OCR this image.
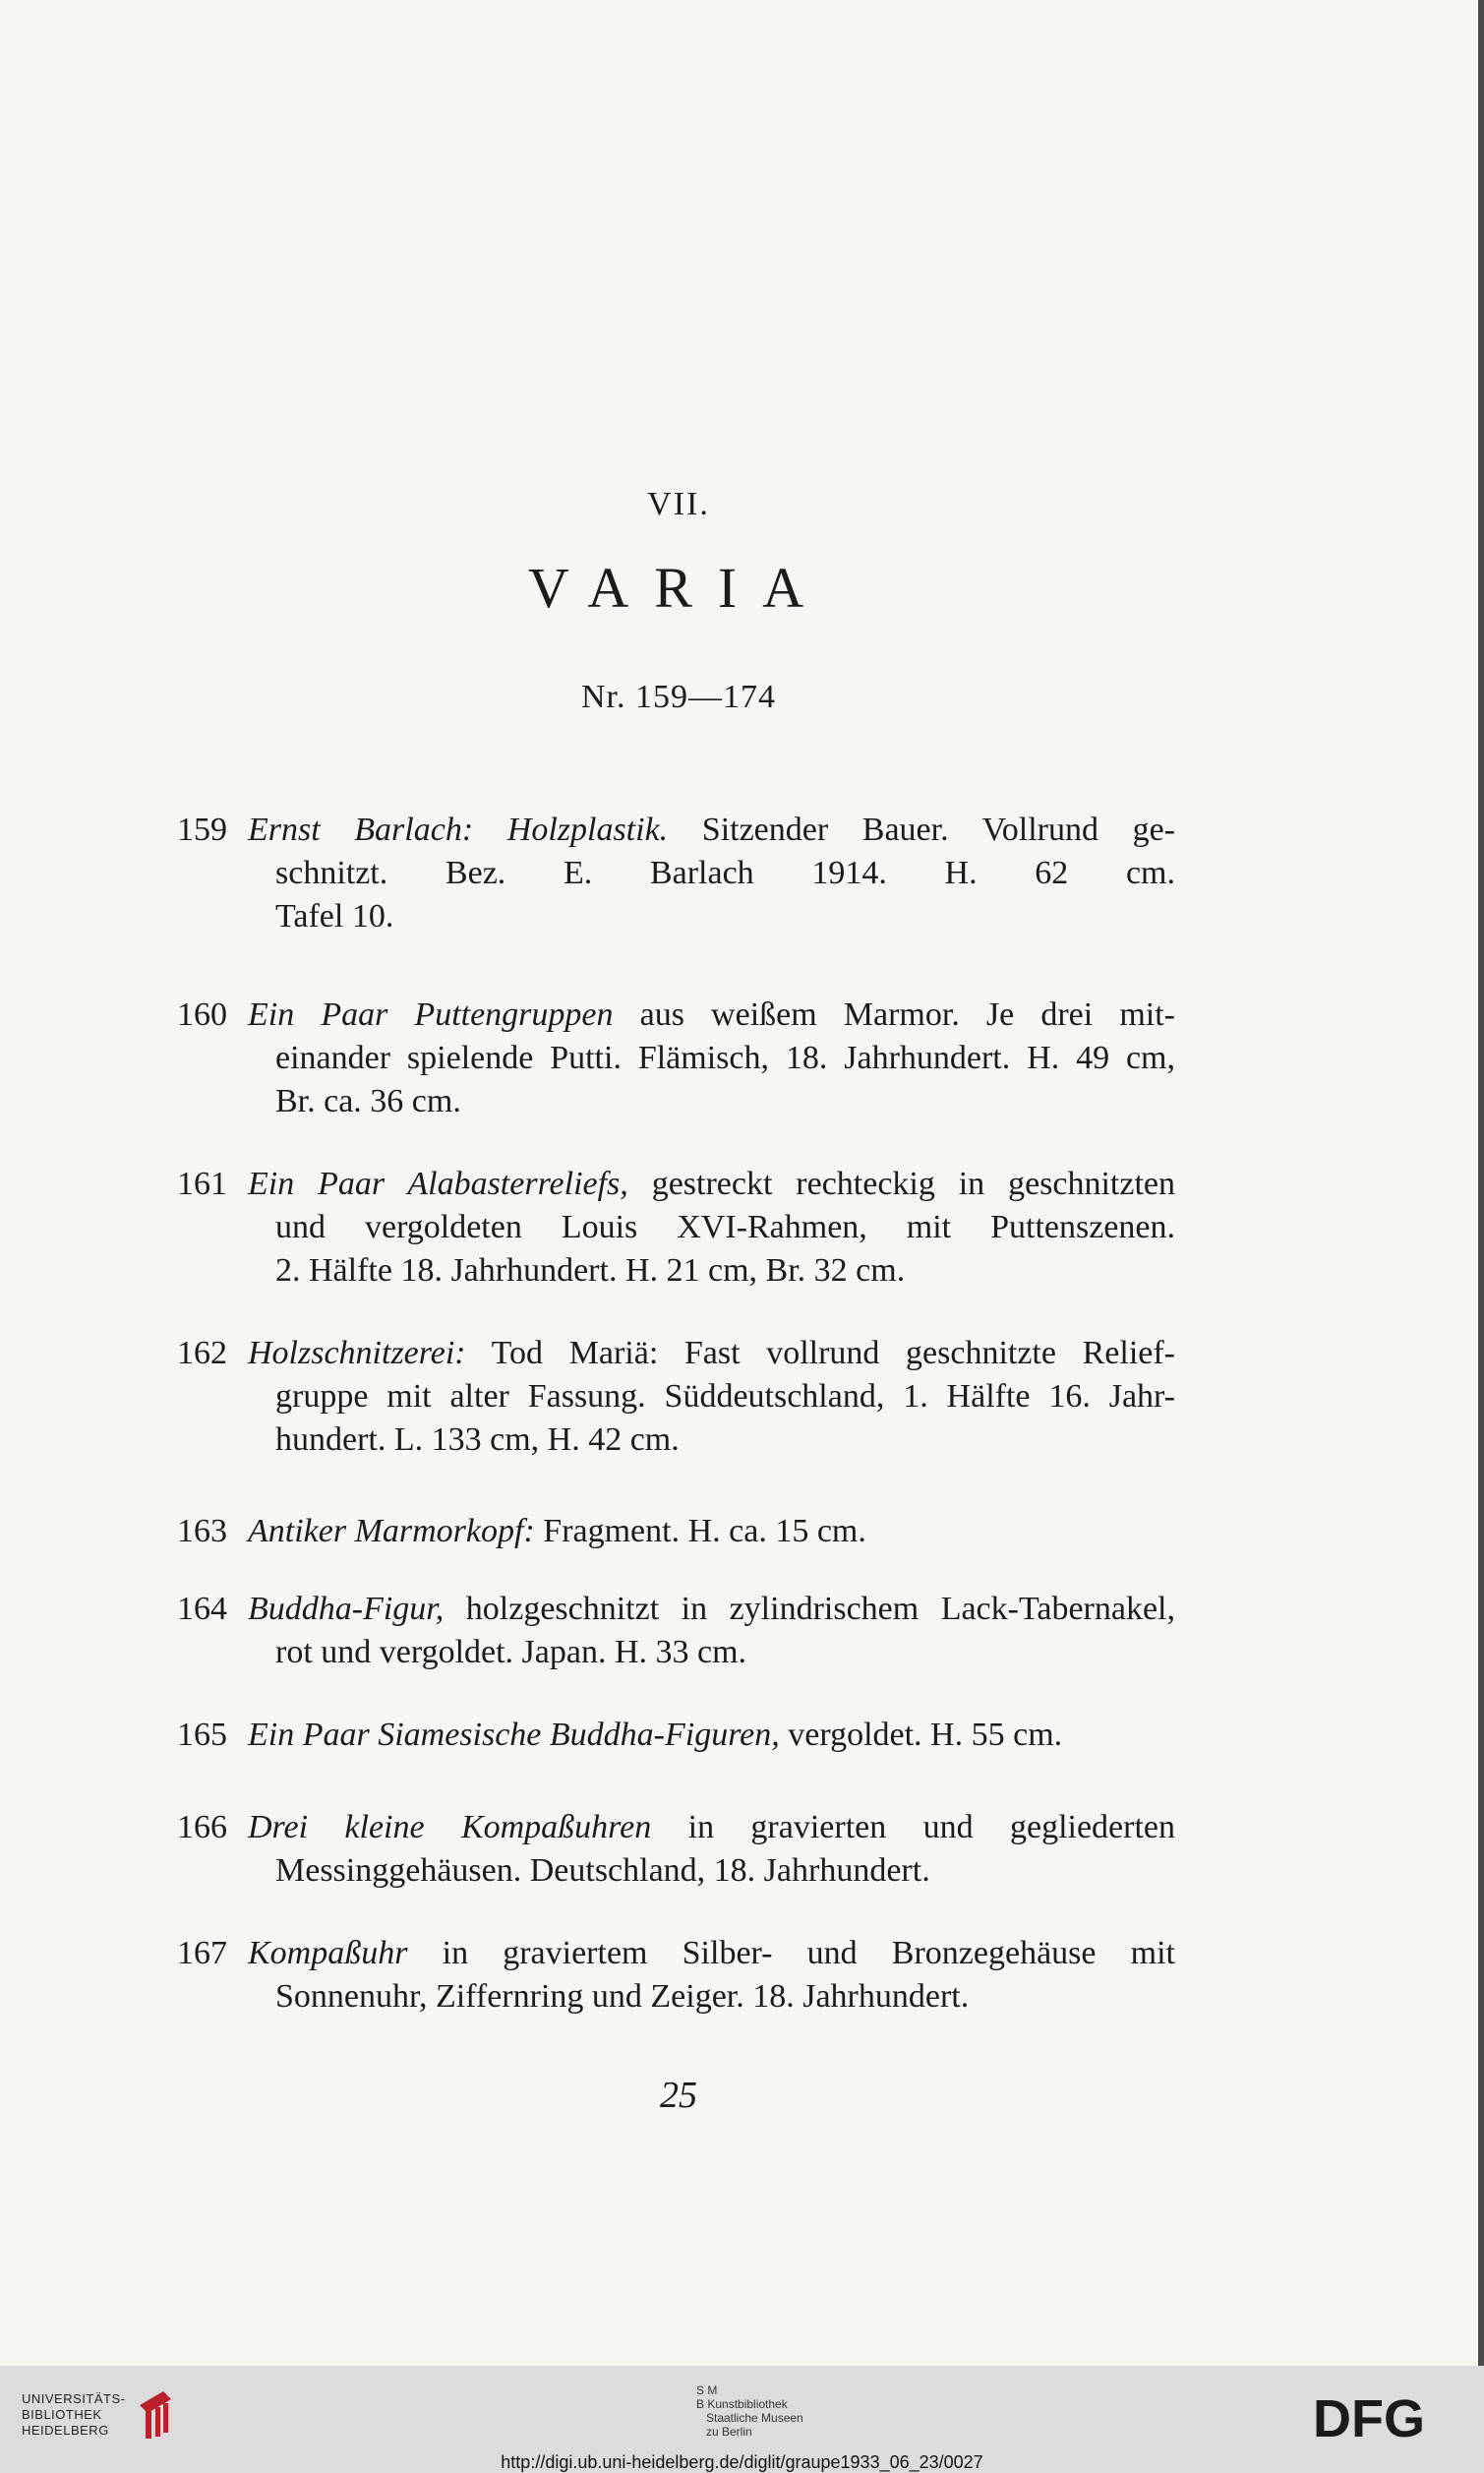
VII.
VARIA
Nr. 159—174
25
159 Ernst Barlach: Holzplastik. Sitzender Bauer. Vollrund ge-
schnitzt. Bez. E. Barlach 1914. H. 62 cm.
Tafel 10.
160 Ein Paar Puttengruppen aus weißem Marmor. Je drei mit-
einander spielende Putti. Flämisch, 18. Jahrhundert. H. 49 cm,
Br. ca. 36 cm.
161 Ein Paar Alabasterreliefs, gestreckt rechteckig in geschnitzten
und vergoldeten Louis XVI-Rahmen, mit Puttenszenen.
2. Hälfte 18. Jahrhundert. H. 21 cm, Br. 32 cm.
162 Holzschnitzerei: Tod Mariä: Fast vollrund geschnitzte Relief-
gruppe mit alter Fassung. Süddeutschland, 1. Hälfte 16. Jahr-
hundert. L. 133 cm, H. 42 cm.
163 Antiker Marmorkopf: Fragment. H. ca. 15 cm.
164 Buddha-Figur, holzgeschnitzt in zylindrischem Lack-Tabernakel,
rot und vergoldet. Japan. H. 33 cm.
165 Ein Paar Siamesische Buddha-Figuren, vergoldet. H. 55 cm.
166 Drei kleine Kompaßuhren in gravierten und gegliederten
Messinggehäusen. Deutschland, 18. Jahrhundert.
167 Kompaßuhr in graviertem Silber- und Bronzegehäuse mit
Sonnenuhr, Ziffernring und Zeiger. 18. Jahrhundert.
UNIVERSITÄTS-
BIBLIOTHEK
HEIDELBERG
S M
B Kunstbibliothek
Staatliche Museen
zu Berlin	DFG
http://digi.ub.uni-heidelberg.de/diglit/graupe1933_06_23/0027
